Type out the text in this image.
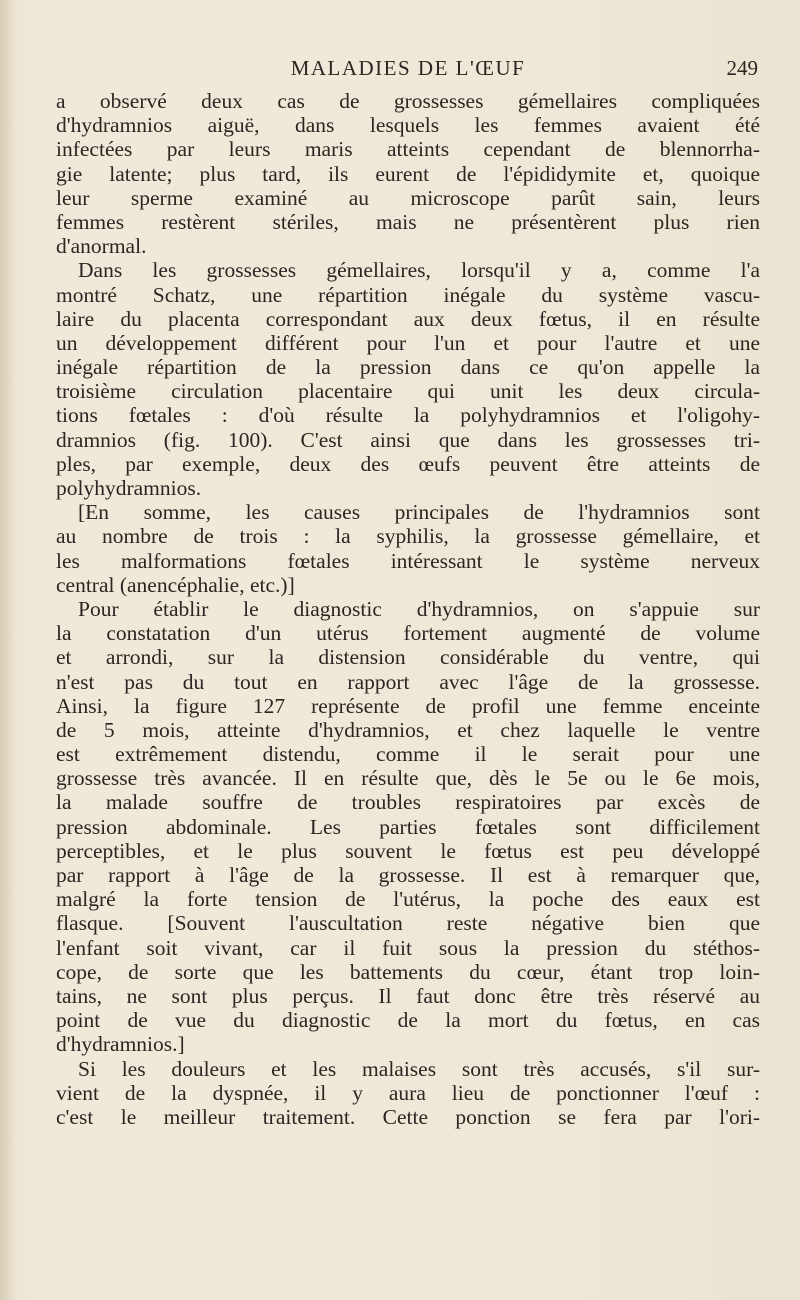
MALADIES DE L'ŒUF	249
a observé deux cas de grossesses gémellaires compliquées
d'hydramnios aiguë, dans lesquels les femmes avaient été
infectées par leurs maris atteints cependant de blennorrha-
gie latente; plus tard, ils eurent de l'épididymite et, quoique
leur sperme examiné au microscope parût sain, leurs
femmes restèrent stériles, mais ne présentèrent plus rien
d'anormal.
Dans les grossesses gémellaires, lorsqu'il y a, comme l'a
montré Schatz, une répartition inégale du système vascu-
laire du placenta correspondant aux deux fœtus, il en résulte
un développement différent pour l'un et pour l'autre et une
inégale répartition de la pression dans ce qu'on appelle la
troisième circulation placentaire qui unit les deux circula-
tions fœtales : d'où résulte la polyhydramnios et l'oligohy-
dramnios (fig. 100). C'est ainsi que dans les grossesses tri-
ples, par exemple, deux des œufs peuvent être atteints de
polyhydramnios.
[En somme, les causes principales de l'hydramnios sont
au nombre de trois : la syphilis, la grossesse gémellaire, et
les malformations fœtales intéressant le système nerveux
central (anencéphalie, etc.)]
Pour établir le diagnostic d'hydramnios, on s'appuie sur
la constatation d'un utérus fortement augmenté de volume
et arrondi, sur la distension considérable du ventre, qui
n'est pas du tout en rapport avec l'âge de la grossesse.
Ainsi, la figure 127 représente de profil une femme enceinte
de 5 mois, atteinte d'hydramnios, et chez laquelle le ventre
est extrêmement distendu, comme il le serait pour une
grossesse très avancée. Il en résulte que, dès le 5e ou le 6e mois,
la malade souffre de troubles respiratoires par excès de
pression abdominale. Les parties fœtales sont difficilement
perceptibles, et le plus souvent le fœtus est peu développé
par rapport à l'âge de la grossesse. Il est à remarquer que,
malgré la forte tension de l'utérus, la poche des eaux est
flasque. [Souvent l'auscultation reste négative bien que
l'enfant soit vivant, car il fuit sous la pression du stéthos-
cope, de sorte que les battements du cœur, étant trop loin-
tains, ne sont plus perçus. Il faut donc être très réservé au
point de vue du diagnostic de la mort du fœtus, en cas
d'hydramnios.]
Si les douleurs et les malaises sont très accusés, s'il sur-
vient de la dyspnée, il y aura lieu de ponctionner l'œuf :
c'est le meilleur traitement. Cette ponction se fera par l'ori-
